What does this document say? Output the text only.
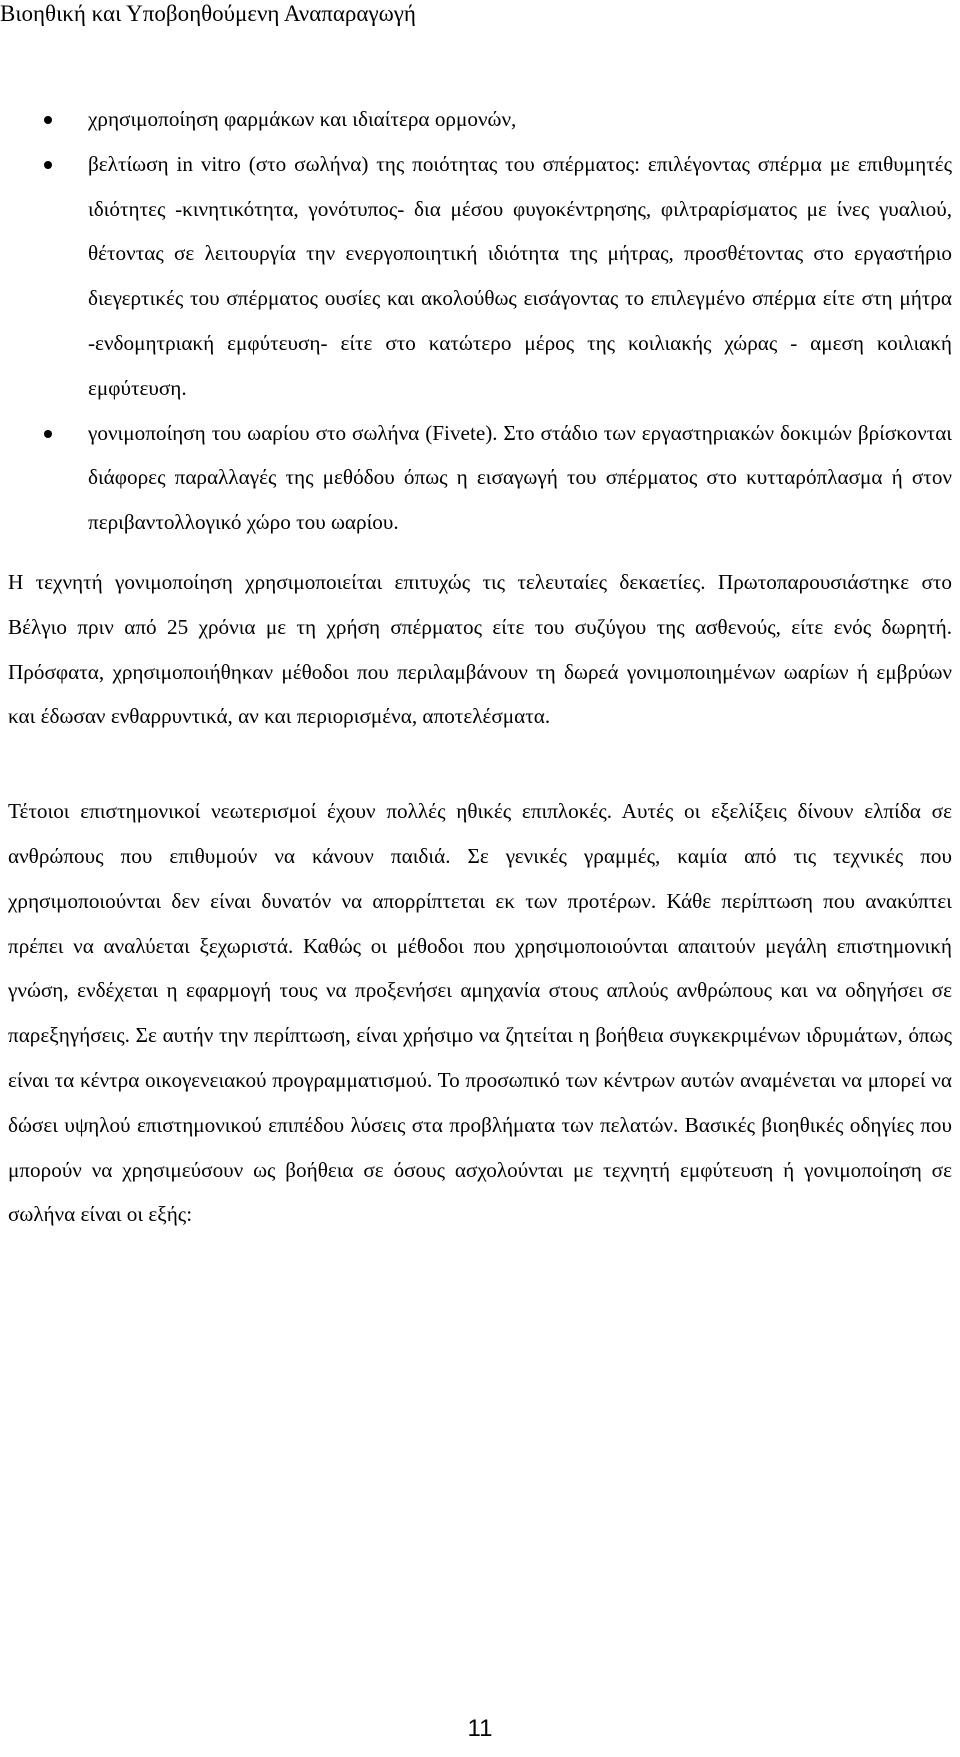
Βιοηθική και Υποβοηθούμενη Αναπαραγωγή
χρησιμοποίηση φαρμάκων και ιδιαίτερα ορμονών,
βελτίωση in vitro (στο σωλήνα) της ποιότητας του σπέρματος: επιλέγοντας σπέρμα με επιθυμητές ιδιότητες -κινητικότητα, γονότυπος- δια μέσου φυγοκέντρησης, φιλτραρίσματος με ίνες γυαλιού, θέτοντας σε λειτουργία την ενεργοποιητική ιδιότητα της μήτρας, προσθέτοντας στο εργαστήριο διεγερτικές του σπέρματος ουσίες και ακολούθως εισάγοντας το επιλεγμένο σπέρμα είτε στη μήτρα -ενδομητριακή εμφύτευση- είτε στο κατώτερο μέρος της κοιλιακής χώρας - αμεση κοιλιακή εμφύτευση.
γονιμοποίηση του ωαρίου στο σωλήνα (Fivete). Στο στάδιο των εργαστηριακών δοκιμών βρίσκονται διάφορες παραλλαγές της μεθόδου όπως η εισαγωγή του σπέρματος στο κυτταρόπλασμα ή στον περιβαντολλογικό χώρο του ωαρίου.

Η τεχνητή γονιμοποίηση χρησιμοποιείται επιτυχώς τις τελευταίες δεκαετίες. Πρωτοπαρουσιάστηκε στο Βέλγιο πριν από 25 χρόνια με τη χρήση σπέρματος είτε του συζύγου της ασθενούς, είτε ενός δωρητή. Πρόσφατα, χρησιμοποιήθηκαν μέθοδοι που περιλαμβάνουν τη δωρεά γονιμοποιημένων ωαρίων ή εμβρύων και έδωσαν ενθαρρυντικά, αν και περιορισμένα, αποτελέσματα.

Τέτοιοι επιστημονικοί νεωτερισμοί έχουν πολλές ηθικές επιπλοκές. Αυτές οι εξελίξεις δίνουν ελπίδα σε ανθρώπους που επιθυμούν να κάνουν παιδιά. Σε γενικές γραμμές, καμία από τις τεχνικές που χρησιμοποιούνται δεν είναι δυνατόν να απορρίπτεται εκ των προτέρων. Κάθε περίπτωση που ανακύπτει πρέπει να αναλύεται ξεχωριστά. Καθώς οι μέθοδοι που χρησιμοποιούνται απαιτούν μεγάλη επιστημονική γνώση, ενδέχεται η εφαρμογή τους να προξενήσει αμηχανία στους απλούς ανθρώπους και να οδηγήσει σε παρεξηγήσεις. Σε αυτήν την περίπτωση, είναι χρήσιμο να ζητείται η βοήθεια συγκεκριμένων ιδρυμάτων, όπως είναι τα κέντρα οικογενειακού προγραμματισμού. Το προσωπικό των κέντρων αυτών αναμένεται να μπορεί να δώσει υψηλού επιστημονικού επιπέδου λύσεις στα προβλήματα των πελατών. Βασικές βιοηθικές οδηγίες που μπορούν να χρησιμεύσουν ως βοήθεια σε όσους ασχολούνται με τεχνητή εμφύτευση ή γονιμοποίηση σε σωλήνα είναι οι εξής:

11
